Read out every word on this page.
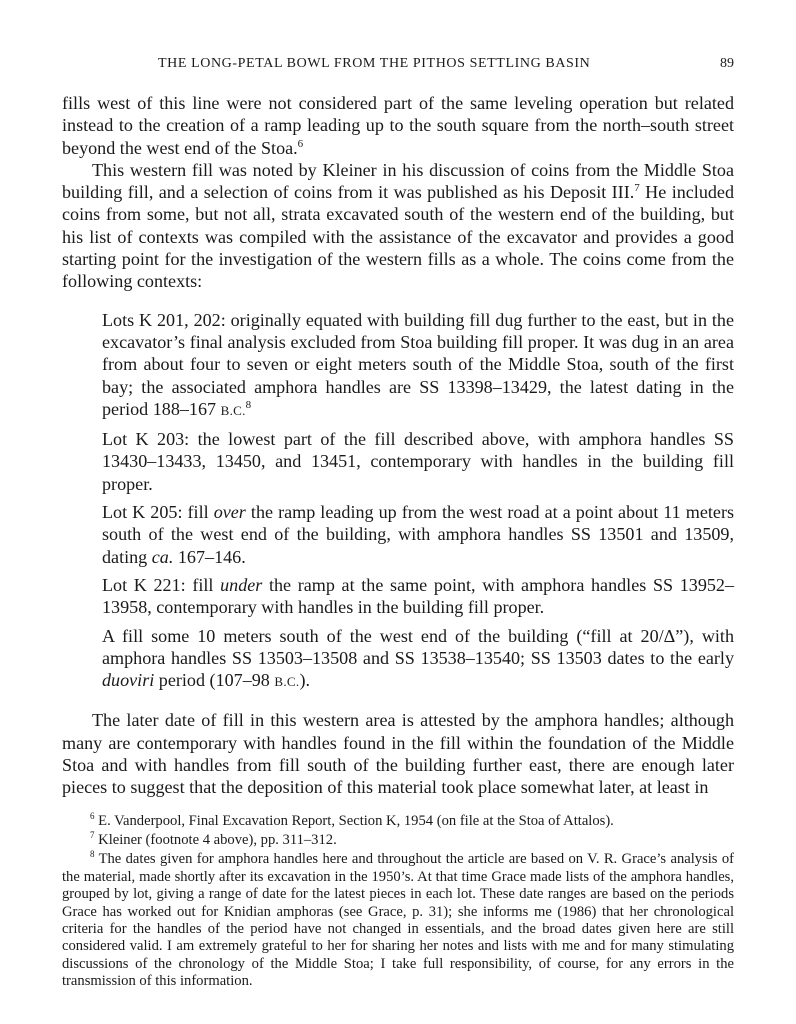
THE LONG-PETAL BOWL FROM THE PITHOS SETTLING BASIN	89

fills west of this line were not considered part of the same leveling operation but related instead to the creation of a ramp leading up to the south square from the north–south street beyond the west end of the Stoa.$^6$

This western fill was noted by Kleiner in his discussion of coins from the Middle Stoa building fill, and a selection of coins from it was published as his Deposit III.$^7$ He included coins from some, but not all, strata excavated south of the western end of the building, but his list of contexts was compiled with the assistance of the excavator and provides a good starting point for the investigation of the western fills as a whole. The coins come from the following contexts:

Lots K 201, 202: originally equated with building fill dug further to the east, but in the excavator’s final analysis excluded from Stoa building fill proper. It was dug in an area from about four to seven or eight meters south of the Middle Stoa, south of the first bay; the associated amphora handles are SS 13398–13429, the latest dating in the period 188–167 B.C.$^8$

Lot K 203: the lowest part of the fill described above, with amphora handles SS 13430–13433, 13450, and 13451, contemporary with handles in the building fill proper.

Lot K 205: fill over the ramp leading up from the west road at a point about 11 meters south of the west end of the building, with amphora handles SS 13501 and 13509, dating ca. 167–146.

Lot K 221: fill under the ramp at the same point, with amphora handles SS 13952–13958, contemporary with handles in the building fill proper.

A fill some 10 meters south of the west end of the building (“fill at 20/Δ”), with amphora handles SS 13503–13508 and SS 13538–13540; SS 13503 dates to the early duoviri period (107–98 B.C.).

The later date of fill in this western area is attested by the amphora handles; although many are contemporary with handles found in the fill within the foundation of the Middle Stoa and with handles from fill south of the building further east, there are enough later pieces to suggest that the deposition of this material took place somewhat later, at least in

$^6$ E. Vanderpool, Final Excavation Report, Section K, 1954 (on file at the Stoa of Attalos).

$^7$ Kleiner (footnote 4 above), pp. 311–312.

$^8$ The dates given for amphora handles here and throughout the article are based on V. R. Grace’s analysis of the material, made shortly after its excavation in the 1950’s. At that time Grace made lists of the amphora handles, grouped by lot, giving a range of date for the latest pieces in each lot. These date ranges are based on the periods Grace has worked out for Knidian amphoras (see Grace, p. 31); she informs me (1986) that her chronological criteria for the handles of the period have not changed in essentials, and the broad dates given here are still considered valid. I am extremely grateful to her for sharing her notes and lists with me and for many stimulating discussions of the chronology of the Middle Stoa; I take full responsibility, of course, for any errors in the transmission of this information.
